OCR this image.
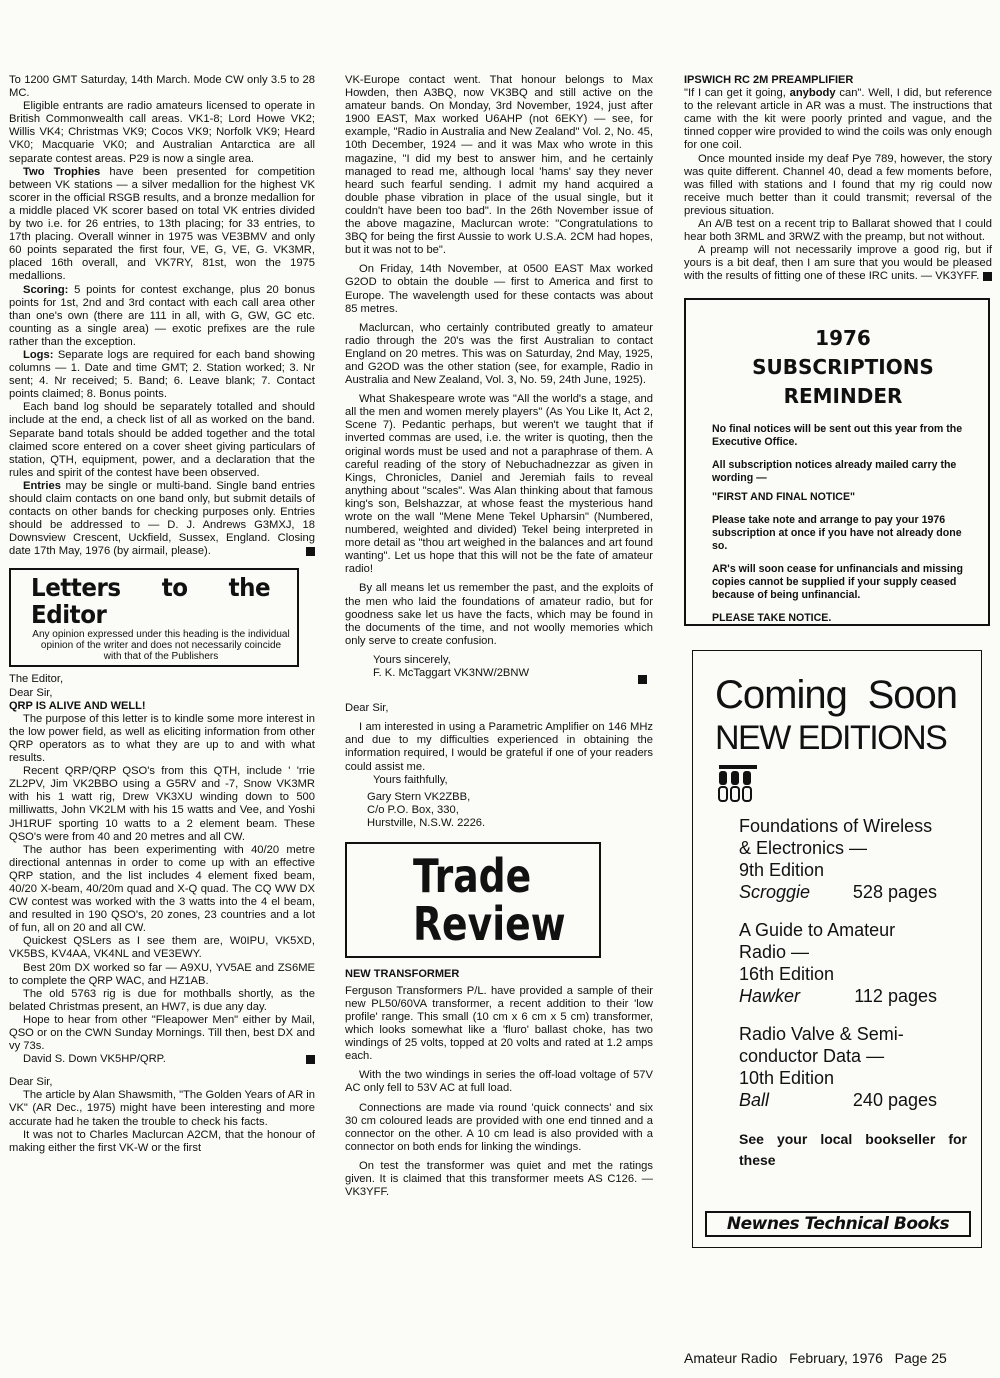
To 1200 GMT Saturday, 14th March. Mode CW only 3.5 to 28 MC.

Eligible entrants are radio amateurs licensed to operate in British Commonwealth call areas. VK1-8; Lord Howe VK2; Willis VK4; Christmas VK9; Cocos VK9; Norfolk VK9; Heard VK0; Macquarie VK0; and Australian Antarctica are all separate contest areas. P29 is now a single area.

Two Trophies have been presented for competition between VK stations — a silver medallion for the highest VK scorer in the official RSGB results, and a bronze medallion for a middle placed VK scorer based on total VK entries divided by two i.e. for 26 entries, to 13th placing; for 33 entries, to 17th placing. Overall winner in 1975 was VE3BMV and only 60 points separated the first four, VE, G, VE, G. VK3MR, placed 16th overall, and VK7RY, 81st, won the 1975 medallions.

Scoring: 5 points for contest exchange, plus 20 bonus points for 1st, 2nd and 3rd contact with each call area other than one's own (there are 111 in all, with G, GW, GC etc. counting as a single area) — exotic prefixes are the rule rather than the exception.

Logs: Separate logs are required for each band showing columns — 1. Date and time GMT; 2. Station worked; 3. Nr sent; 4. Nr received; 5. Band; 6. Leave blank; 7. Contact points claimed; 8. Bonus points.

Each band log should be separately totalled and should include at the end, a check list of all as worked on the band. Separate band totals should be added together and the total claimed score entered on a cover sheet giving particulars of station, QTH, equipment, power, and a declaration that the rules and spirit of the contest have been observed.

Entries may be single or multi-band. Single band entries should claim contacts on one band only, but submit details of contacts on other bands for checking purposes only. Entries should be addressed to — D. J. Andrews G3MXJ, 18 Downsview Crescent, Uckfield, Sussex, England. Closing date 17th May, 1976 (by airmail, please).

Letters to the Editor
Any opinion expressed under this heading is the individual opinion of the writer and does not necessarily coincide with that of the Publishers

The Editor,

Dear Sir,

QRP IS ALIVE AND WELL!

The purpose of this letter is to kindle some more interest in the low power field, as well as eliciting information from other QRP operators as to what they are up to and with what results.

Recent QRP/QRP QSO's from this QTH, include ' 'rrie ZL2PV, Jim VK2BBO using a G5RV and -7, Snow VK3MR with his 1 watt rig, Drew VK3XU winding down to 500 milliwatts, John VK2LM with his 15 watts and Vee, and Yoshi JH1RUF sporting 10 watts to a 2 element beam. These QSO's were from 40 and 20 metres and all CW.

The author has been experimenting with 40/20 metre directional antennas in order to come up with an effective QRP station, and the list includes 4 element fixed beam, 40/20 X-beam, 40/20m quad and X-Q quad. The CQ WW DX CW contest was worked with the 3 watts into the 4 el beam, and resulted in 190 QSO's, 20 zones, 23 countries and a lot of fun, all on 20 and all CW.

Quickest QSLers as I see them are, W0IPU, VK5XD, VK5BS, KV4AA, VK4NL and VE3EWY.

Best 20m DX worked so far — A9XU, YV5AE and ZS6ME to complete the QRP WAC, and HZ1AB.

The old 5763 rig is due for mothballs shortly, as the belated Christmas present, an HW7, is due any day.

Hope to hear from other "Fleapower Men" either by Mail, QSO or on the CWN Sunday Mornings. Till then, best DX and vy 73s.

David S. Down VK5HP/QRP.

Dear Sir,

The article by Alan Shawsmith, "The Golden Years of AR in VK" (AR Dec., 1975) might have been interesting and more accurate had he taken the trouble to check his facts.

It was not to Charles Maclurcan A2CM, that the honour of making either the first VK-W or the first

VK-Europe contact went. That honour belongs to Max Howden, then A3BQ, now VK3BQ and still active on the amateur bands. On Monday, 3rd November, 1924, just after 1900 EAST, Max worked U6AHP (not 6EKY) — see, for example, "Radio in Australia and New Zealand" Vol. 2, No. 45, 10th December, 1924 — and it was Max who wrote in this magazine, "I did my best to answer him, and he certainly managed to read me, although local 'hams' say they never heard such fearful sending. I admit my hand acquired a double phase vibration in place of the usual single, but it couldn't have been too bad". In the 26th November issue of the above magazine, Maclurcan wrote: "Congratulations to 3BQ for being the first Aussie to work U.S.A. 2CM had hopes, but it was not to be".

On Friday, 14th November, at 0500 EAST Max worked G2OD to obtain the double — first to America and first to Europe. The wavelength used for these contacts was about 85 metres.

Maclurcan, who certainly contributed greatly to amateur radio through the 20's was the first Australian to contact England on 20 metres. This was on Saturday, 2nd May, 1925, and G2OD was the other station (see, for example, Radio in Australia and New Zealand, Vol. 3, No. 59, 24th June, 1925).

What Shakespeare wrote was "All the world's a stage, and all the men and women merely players" (As You Like It, Act 2, Scene 7). Pedantic perhaps, but weren't we taught that if inverted commas are used, i.e. the writer is quoting, then the original words must be used and not a paraphrase of them. A careful reading of the story of Nebuchadnezzar as given in Kings, Chronicles, Daniel and Jeremiah fails to reveal anything about "scales". Was Alan thinking about that famous king's son, Belshazzar, at whose feast the mysterious hand wrote on the wall "Mene Mene Tekel Upharsin" (Numbered, numbered, weighted and divided) Tekel being interpreted in more detail as "thou art weighed in the balances and art found wanting". Let us hope that this will not be the fate of amateur radio!

By all means let us remember the past, and the exploits of the men who laid the foundations of amateur radio, but for goodness sake let us have the facts, which may be found in the documents of the time, and not woolly memories which only serve to create confusion.

Yours sincerely,

F. K. McTaggart VK3NW/2BNW

Dear Sir,

I am interested in using a Parametric Amplifier on 146 MHz and due to my difficulties experienced in obtaining the information required, I would be grateful if one of your readers could assist me.

Yours faithfully,

Gary Stern VK2ZBB,
C/o P.O. Box, 330,
Hurstville, N.S.W. 2226.
Trade
Review

NEW TRANSFORMER

Ferguson Transformers P/L. have provided a sample of their new PL50/60VA transformer, a recent addition to their 'low profile' range. This small (10 cm x 6 cm x 5 cm) transformer, which looks somewhat like a 'fluro' ballast choke, has two windings of 25 volts, topped at 20 volts and rated at 1.2 amps each.

With the two windings in series the off-load voltage of 57V AC only fell to 53V AC at full load.

Connections are made via round 'quick connects' and six 30 cm coloured leads are provided with one end tinned and a connector on the other. A 10 cm lead is also provided with a connector on both ends for linking the windings.

On test the transformer was quiet and met the ratings given. It is claimed that this transformer meets AS C126. — VK3YFF.

IPSWICH RC 2M PREAMPLIFIER

"If I can get it going, anybody can". Well, I did, but reference to the relevant article in AR was a must. The instructions that came with the kit were poorly printed and vague, and the tinned copper wire provided to wind the coils was only enough for one coil.

Once mounted inside my deaf Pye 789, however, the story was quite different. Channel 40, dead a few moments before, was filled with stations and I found that my rig could now receive much better than it could transmit; reversal of the previous situation.

An A/B test on a recent trip to Ballarat showed that I could hear both 3RML and 3RWZ with the preamp, but not without.

A preamp will not necessarily improve a good rig, but if yours is a bit deaf, then I am sure that you would be pleased with the results of fitting one of these IRC units. — VK3YFF.

1976
SUBSCRIPTIONS
REMINDER
No final notices will be sent out this year from the Executive Office.
All subscription notices already mailed carry the wording —
"FIRST AND FINAL NOTICE"
Please take note and arrange to pay your 1976 subscription at once if you have not already done so.
AR's will soon cease for unfinancials and missing copies cannot be supplied if your supply ceased because of being unfinancial.
PLEASE TAKE NOTICE.
Coming Soon
NEW EDITIONS
Foundations of Wireless
& Electronics —
9th Edition
Scroggie 528 pages
A Guide to Amateur
Radio —
16th Edition
Hawker	112 pages
Radio Valve & Semi-
conductor Data —
10th Edition
Ball	240 pages
See your local bookseller for these
Newnes Technical Books
Amateur Radio February, 1976 Page 25
